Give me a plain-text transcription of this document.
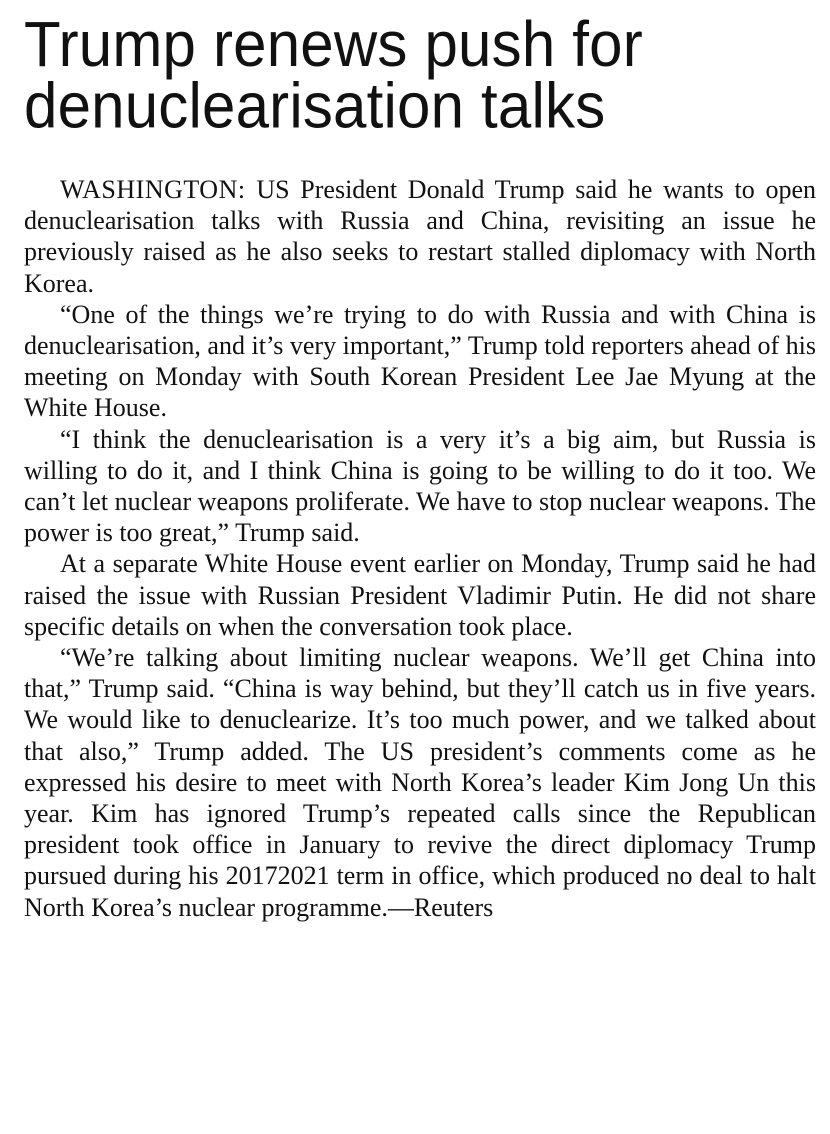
Trump renews push for denuclearisation talks

WASHINGTON: US President Donald Trump said he wants to open denuclearisation talks with Russia and China, revisiting an issue he previously raised as he also seeks to restart stalled diplomacy with North Korea.

“One of the things we’re trying to do with Russia and with China is denuclearisation, and it’s very important,” Trump told reporters ahead of his meeting on Monday with South Korean President Lee Jae Myung at the White House.

“I think the denuclearisation is a very it’s a big aim, but Russia is willing to do it, and I think China is going to be willing to do it too. We can’t let nuclear weapons proliferate. We have to stop nuclear weapons. The power is too great,” Trump said.

At a separate White House event earlier on Monday, Trump said he had raised the issue with Russian President Vladimir Putin. He did not share specific details on when the conversation took place.

“We’re talking about limiting nuclear weapons. We’ll get China into that,” Trump said. “China is way behind, but they’ll catch us in five years. We would like to denuclearize. It’s too much power, and we talked about that also,” Trump added. The US president’s comments come as he expressed his desire to meet with North Korea’s leader Kim Jong Un this year. Kim has ignored Trump’s repeated calls since the Republican president took office in January to revive the direct diplomacy Trump pursued during his 20172021 term in office, which produced no deal to halt North Korea’s nuclear programme.—Reuters
